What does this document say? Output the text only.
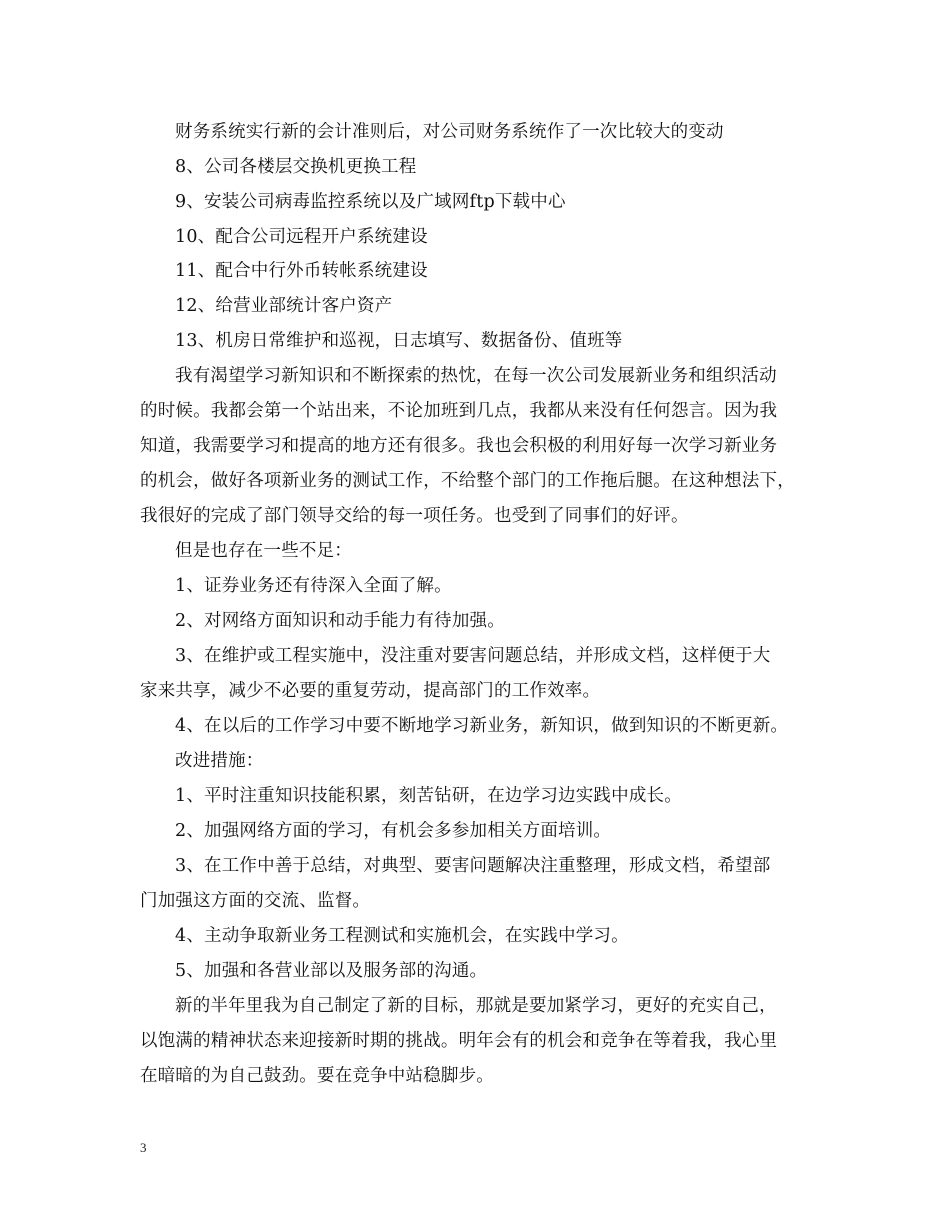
财务系统实行新的会计准则后，对公司财务系统作了一次比较大的变动
8、公司各楼层交换机更换工程
9、安装公司病毒监控系统以及广域网ftp下载中心
10、配合公司远程开户系统建设
11、配合中行外币转帐系统建设
12、给营业部统计客户资产
13、机房日常维护和巡视，日志填写、数据备份、值班等
我有渴望学习新知识和不断探索的热忱，在每一次公司发展新业务和组织活动
的时候。我都会第一个站出来，不论加班到几点，我都从来没有任何怨言。因为我
知道，我需要学习和提高的地方还有很多。我也会积极的利用好每一次学习新业务
的机会，做好各项新业务的测试工作，不给整个部门的工作拖后腿。在这种想法下，
我很好的完成了部门领导交给的每一项任务。也受到了同事们的好评。
但是也存在一些不足：
1、证券业务还有待深入全面了解。
2、对网络方面知识和动手能力有待加强。
3、在维护或工程实施中，没注重对要害问题总结，并形成文档，这样便于大
家来共享，减少不必要的重复劳动，提高部门的工作效率。
4、在以后的工作学习中要不断地学习新业务，新知识，做到知识的不断更新。
改进措施：
1、平时注重知识技能积累，刻苦钻研，在边学习边实践中成长。
2、加强网络方面的学习，有机会多参加相关方面培训。
3、在工作中善于总结，对典型、要害问题解决注重整理，形成文档，希望部
门加强这方面的交流、监督。
4、主动争取新业务工程测试和实施机会，在实践中学习。
5、加强和各营业部以及服务部的沟通。
新的半年里我为自己制定了新的目标，那就是要加紧学习，更好的充实自己，
以饱满的精神状态来迎接新时期的挑战。明年会有的机会和竞争在等着我，我心里
在暗暗的为自己鼓劲。要在竞争中站稳脚步。
3
